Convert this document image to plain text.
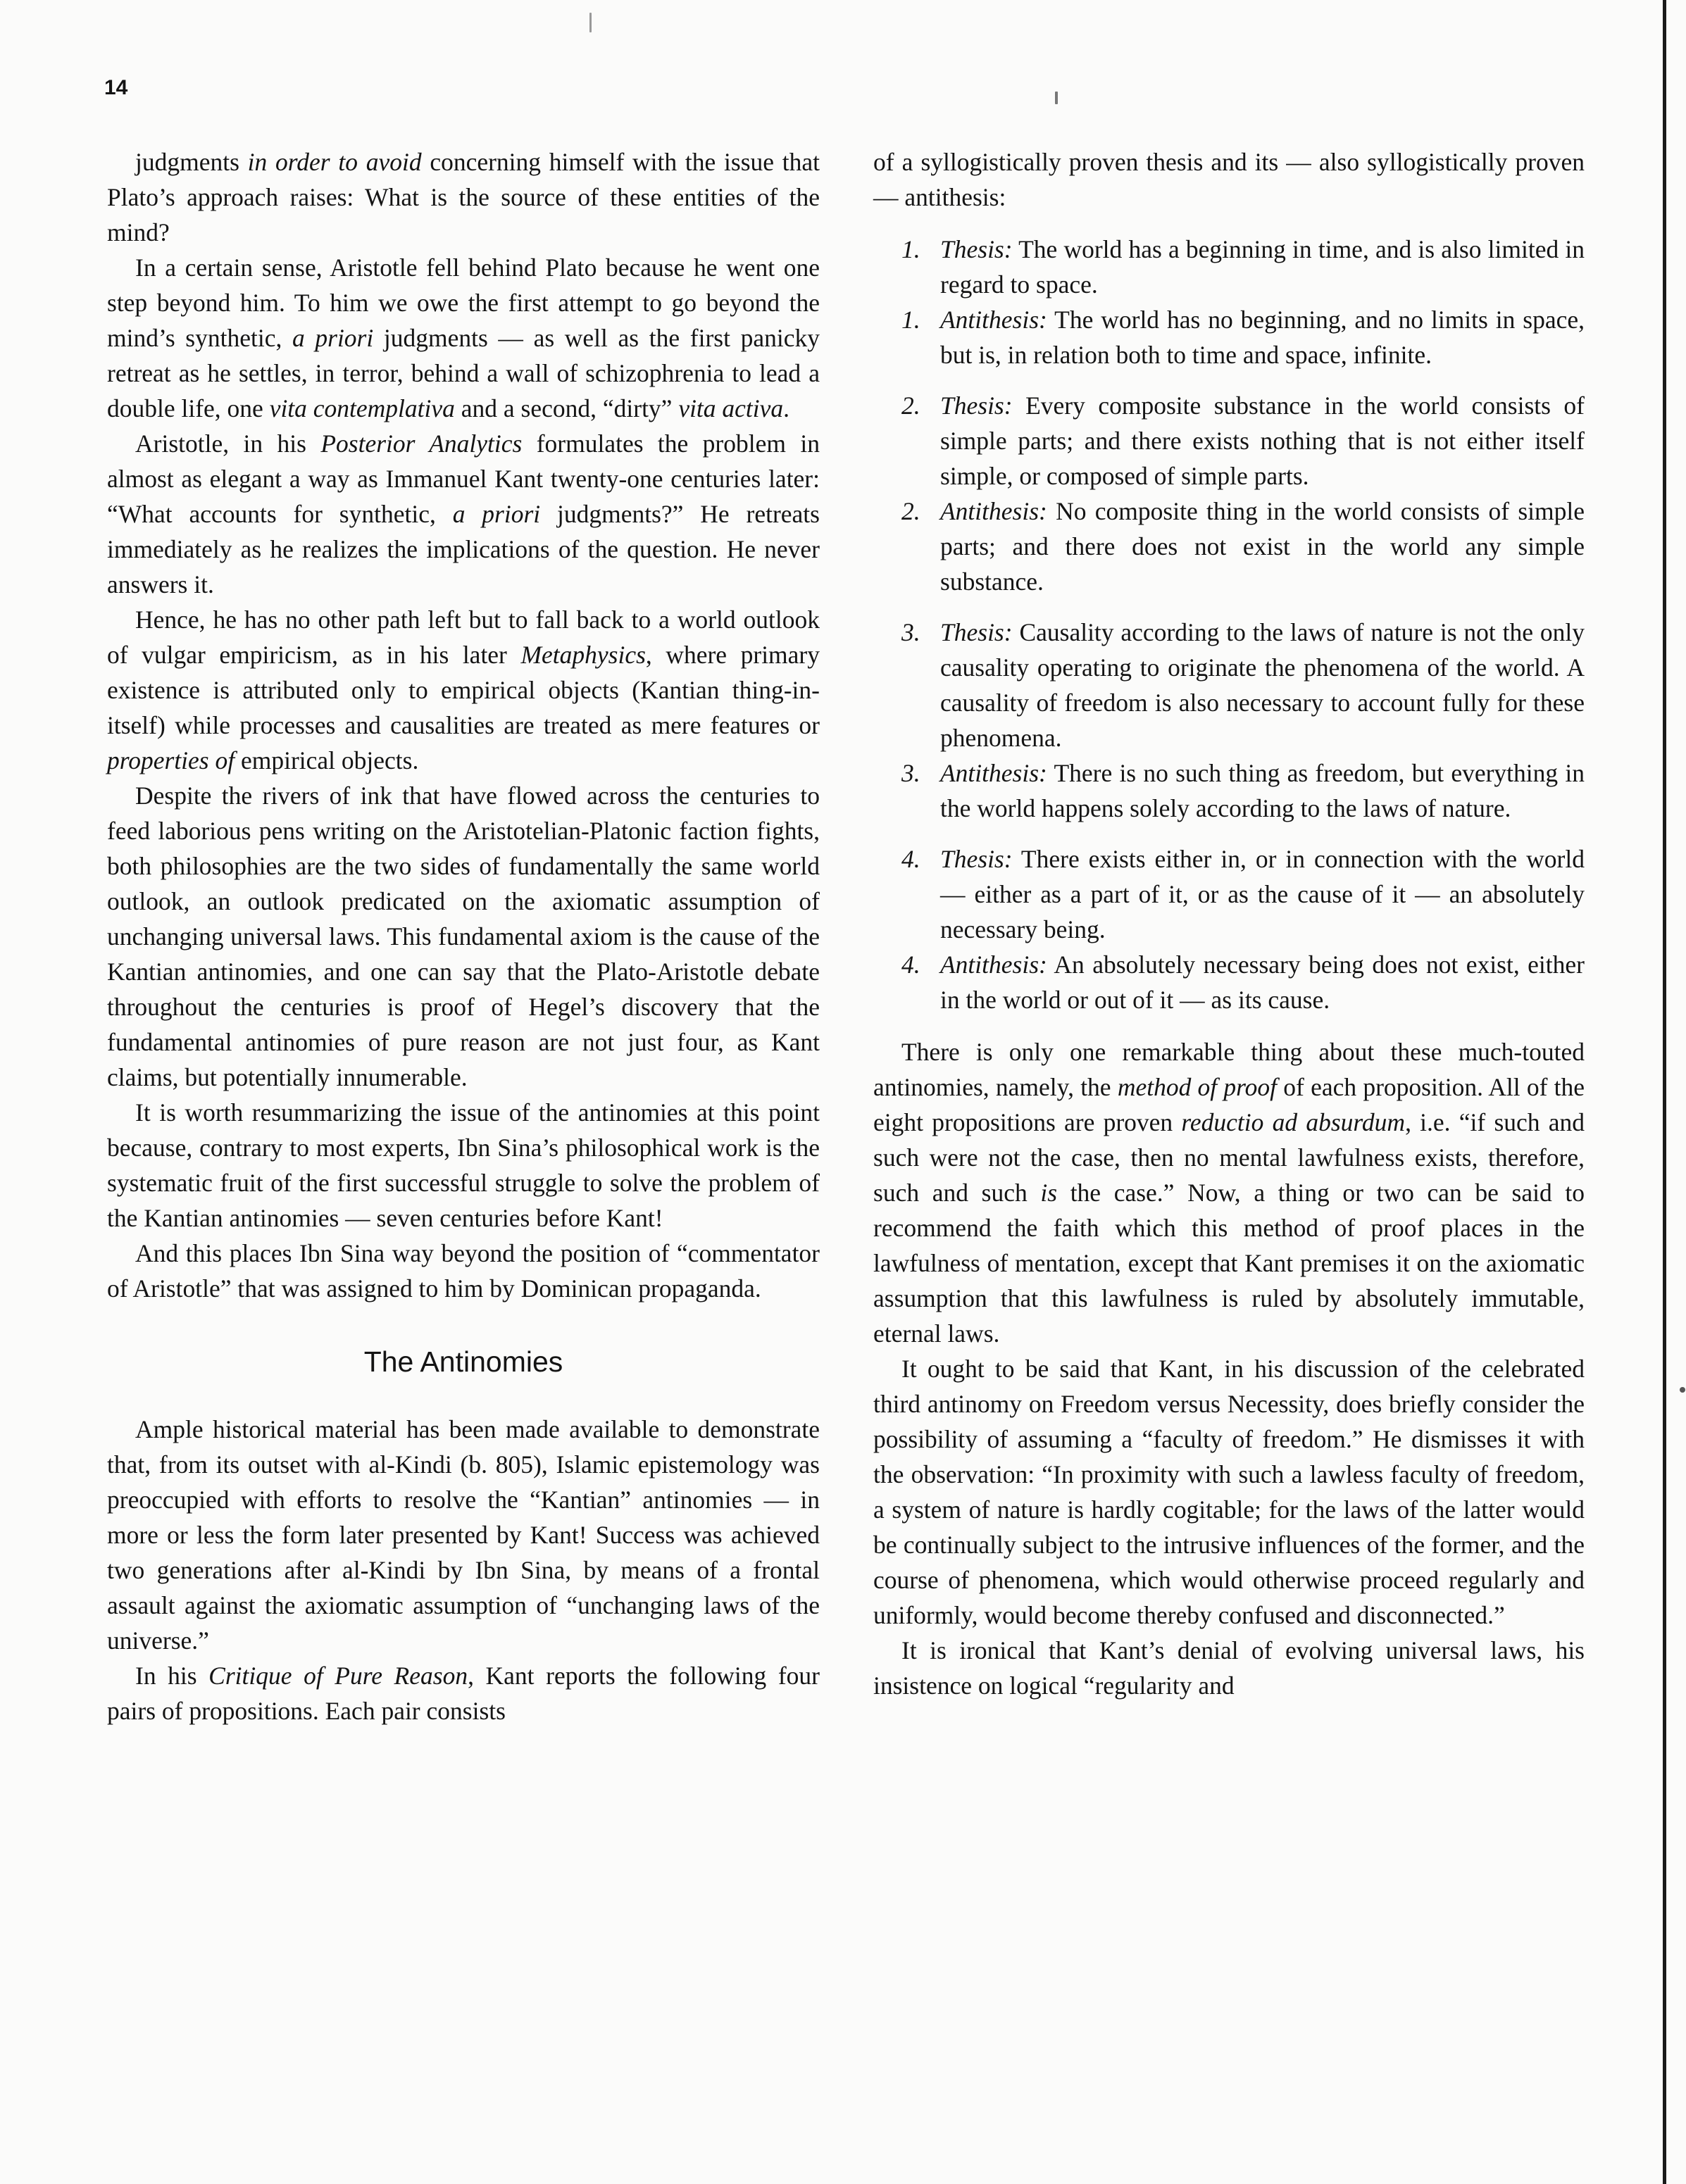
14

judgments in order to avoid concerning himself with the issue that Plato’s approach raises: What is the source of these entities of the mind?

In a certain sense, Aristotle fell behind Plato because he went one step beyond him. To him we owe the first attempt to go beyond the mind’s synthetic, a priori judgments — as well as the first panicky retreat as he settles, in terror, behind a wall of schizophrenia to lead a double life, one vita contemplativa and a second, “dirty” vita activa.

Aristotle, in his Posterior Analytics formulates the problem in almost as elegant a way as Immanuel Kant twenty-one centuries later: “What accounts for synthetic, a priori judgments?” He retreats immediately as he realizes the implications of the question. He never answers it.

Hence, he has no other path left but to fall back to a world outlook of vulgar empiricism, as in his later Metaphysics, where primary existence is attributed only to empirical objects (Kantian thing-in-itself) while processes and causalities are treated as mere features or properties of empirical objects.

Despite the rivers of ink that have flowed across the centuries to feed laborious pens writing on the Aristotelian-Platonic faction fights, both philosophies are the two sides of fundamentally the same world outlook, an outlook predicated on the axiomatic assumption of unchanging universal laws. This fundamental axiom is the cause of the Kantian antinomies, and one can say that the Plato-Aristotle debate throughout the centuries is proof of Hegel’s discovery that the fundamental antinomies of pure reason are not just four, as Kant claims, but potentially innumerable.

It is worth resummarizing the issue of the antinomies at this point because, contrary to most experts, Ibn Sina’s philosophical work is the systematic fruit of the first successful struggle to solve the problem of the Kantian antinomies — seven centuries before Kant!

And this places Ibn Sina way beyond the position of “commentator of Aristotle” that was assigned to him by Dominican propaganda.

The Antinomies

Ample historical material has been made available to demonstrate that, from its outset with al-Kindi (b. 805), Islamic epistemology was preoccupied with efforts to resolve the “Kantian” antinomies — in more or less the form later presented by Kant! Success was achieved two generations after al-Kindi by Ibn Sina, by means of a frontal assault against the axiomatic assumption of “unchanging laws of the universe.”

In his Critique of Pure Reason, Kant reports the following four pairs of propositions. Each pair consists

of a syllogistically proven thesis and its — also syllogistically proven — antithesis:

1. Thesis: The world has a beginning in time, and is also limited in regard to space.
1. Antithesis: The world has no beginning, and no limits in space, but is, in relation both to time and space, infinite.
2. Thesis: Every composite substance in the world consists of simple parts; and there exists nothing that is not either itself simple, or composed of simple parts.
2. Antithesis: No composite thing in the world consists of simple parts; and there does not exist in the world any simple substance.
3. Thesis: Causality according to the laws of nature is not the only causality operating to originate the phenomena of the world. A causality of freedom is also necessary to account fully for these phenomena.
3. Antithesis: There is no such thing as freedom, but everything in the world happens solely according to the laws of nature.
4. Thesis: There exists either in, or in connection with the world — either as a part of it, or as the cause of it — an absolutely necessary being.
4. Antithesis: An absolutely necessary being does not exist, either in the world or out of it — as its cause.

There is only one remarkable thing about these much-touted antinomies, namely, the method of proof of each proposition. All of the eight propositions are proven reductio ad absurdum, i.e. “if such and such were not the case, then no mental lawfulness exists, therefore, such and such is the case.” Now, a thing or two can be said to recommend the faith which this method of proof places in the lawfulness of mentation, except that Kant premises it on the axiomatic assumption that this lawfulness is ruled by absolutely immutable, eternal laws.

It ought to be said that Kant, in his discussion of the celebrated third antinomy on Freedom versus Necessity, does briefly consider the possibility of assuming a “faculty of freedom.” He dismisses it with the observation: “In proximity with such a lawless faculty of freedom, a system of nature is hardly cogitable; for the laws of the latter would be continually subject to the intrusive influences of the former, and the course of phenomena, which would otherwise proceed regularly and uniformly, would become thereby confused and disconnected.”

It is ironical that Kant’s denial of evolving universal laws, his insistence on logical “regularity and
